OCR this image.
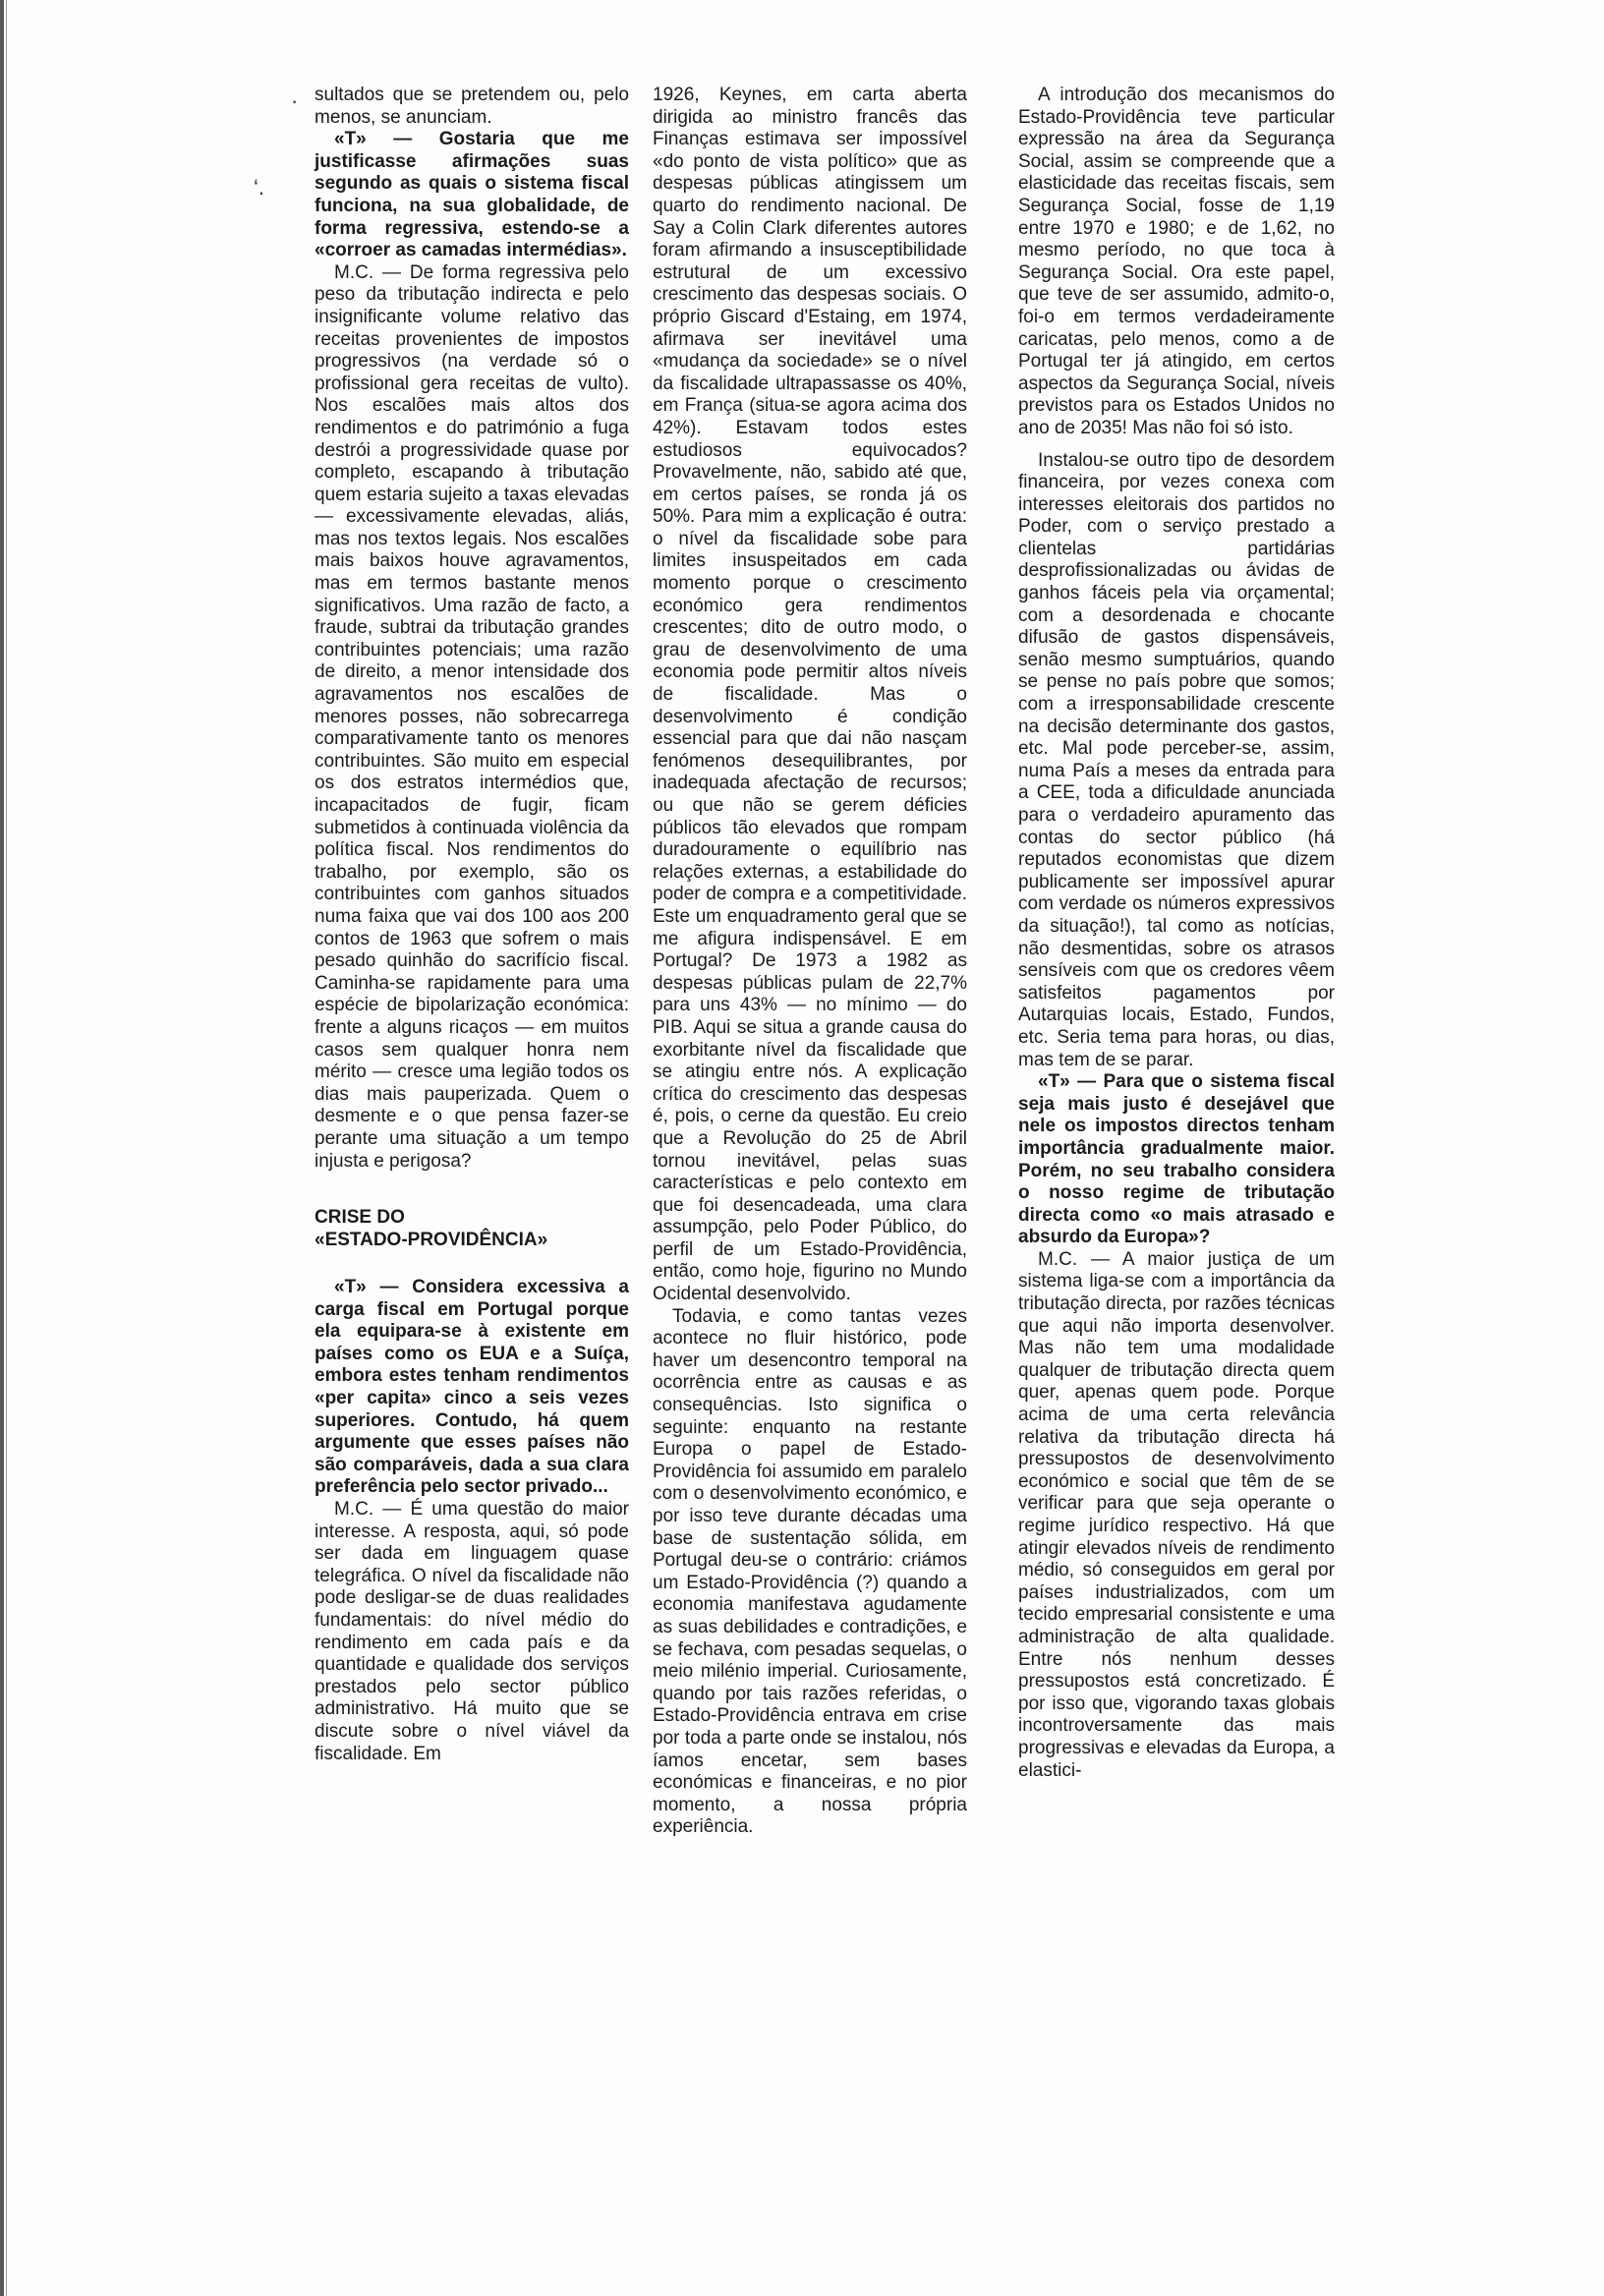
·
‘.

sultados que se pretendem ou, pelo menos, se anunciam.

«T» — Gostaria que me justificasse afirmações suas segundo as quais o sistema fiscal funciona, na sua globalidade, de forma regressiva, estendo-se a «corroer as camadas intermédias».

M.C. — De forma regressiva pelo peso da tributação indirecta e pelo insignificante volume relativo das receitas provenientes de impostos progressivos (na verdade só o profissional gera receitas de vulto). Nos escalões mais altos dos rendimentos e do património a fuga destrói a progressividade quase por completo, escapando à tributação quem estaria sujeito a taxas elevadas — excessivamente elevadas, aliás, mas nos textos legais. Nos escalões mais baixos houve agravamentos, mas em termos bastante menos significativos. Uma razão de facto, a fraude, subtrai da tributação grandes contribuintes potenciais; uma razão de direito, a menor intensidade dos agravamentos nos escalões de menores posses, não sobrecarrega comparativamente tanto os menores contribuintes. São muito em especial os dos estratos intermédios que, incapacitados de fugir, ficam submetidos à continuada violência da política fiscal. Nos rendimentos do trabalho, por exemplo, são os contribuintes com ganhos situados numa faixa que vai dos 100 aos 200 contos de 1963 que sofrem o mais pesado quinhão do sacrifício fiscal. Caminha-se rapidamente para uma espécie de bipolarização económica: frente a alguns ricaços — em muitos casos sem qualquer honra nem mérito — cresce uma legião todos os dias mais pauperizada. Quem o desmente e o que pensa fazer-se perante uma situação a um tempo injusta e perigosa?

CRISE DO
«ESTADO-PROVIDÊNCIA»

«T» — Considera excessiva a carga fiscal em Portugal porque ela equipara-se à existente em países como os EUA e a Suíça, embora estes tenham rendimentos «per capita» cinco a seis vezes superiores. Contudo, há quem argumente que esses países não são comparáveis, dada a sua clara preferência pelo sector privado...

M.C. — É uma questão do maior interesse. A resposta, aqui, só pode ser dada em linguagem quase telegráfica. O nível da fiscalidade não pode desligar-se de duas realidades fundamentais: do nível médio do rendimento em cada país e da quantidade e qualidade dos serviços prestados pelo sector público administrativo. Há muito que se discute sobre o nível viável da fiscalidade. Em

1926, Keynes, em carta aberta dirigida ao ministro francês das Finanças estimava ser impossível «do ponto de vista político» que as despesas públicas atingissem um quarto do rendimento nacional. De Say a Colin Clark diferentes autores foram afirmando a insusceptibilidade estrutural de um excessivo crescimento das despesas sociais. O próprio Giscard d'Estaing, em 1974, afirmava ser inevitável uma «mudança da sociedade» se o nível da fiscalidade ultrapassasse os 40%, em França (situa-se agora acima dos 42%). Estavam todos estes estudiosos equivocados? Provavelmente, não, sabido até que, em certos países, se ronda já os 50%. Para mim a explicação é outra: o nível da fiscalidade sobe para limites insuspeitados em cada momento porque o crescimento económico gera rendimentos crescentes; dito de outro modo, o grau de desenvolvimento de uma economia pode permitir altos níveis de fiscalidade. Mas o desenvolvimento é condição essencial para que dai não nasçam fenómenos desequilibrantes, por inadequada afectação de recursos; ou que não se gerem déficies públicos tão elevados que rompam duradouramente o equilíbrio nas relações externas, a estabilidade do poder de compra e a competitividade. Este um enquadramento geral que se me afigura indispensável. E em Portugal? De 1973 a 1982 as despesas públicas pulam de 22,7% para uns 43% — no mínimo — do PIB. Aqui se situa a grande causa do exorbitante nível da fiscalidade que se atingiu entre nós. A explicação crítica do crescimento das despesas é, pois, o cerne da questão. Eu creio que a Revolução do 25 de Abril tornou inevitável, pelas suas características e pelo contexto em que foi desencadeada, uma clara assumpção, pelo Poder Público, do perfil de um Estado-Providência, então, como hoje, figurino no Mundo Ocidental desenvolvido.

Todavia, e como tantas vezes acontece no fluir histórico, pode haver um desencontro temporal na ocorrência entre as causas e as consequências. Isto significa o seguinte: enquanto na restante Europa o papel de Estado-Providência foi assumido em paralelo com o desenvolvimento económico, e por isso teve durante décadas uma base de sustentação sólida, em Portugal deu-se o contrário: criámos um Estado-Providência (?) quando a economia manifestava agudamente as suas debilidades e contradições, e se fechava, com pesadas sequelas, o meio milénio imperial. Curiosamente, quando por tais razões referidas, o Estado-Providência entrava em crise por toda a parte onde se instalou, nós íamos encetar, sem bases económicas e financeiras, e no pior momento, a nossa própria experiência.

A introdução dos mecanismos do Estado-Providência teve particular expressão na área da Segurança Social, assim se compreende que a elasticidade das receitas fiscais, sem Segurança Social, fosse de 1,19 entre 1970 e 1980; e de 1,62, no mesmo período, no que toca à Segurança Social. Ora este papel, que teve de ser assumido, admito-o, foi-o em termos verdadeiramente caricatas, pelo menos, como a de Portugal ter já atingido, em certos aspectos da Segurança Social, níveis previstos para os Estados Unidos no ano de 2035! Mas não foi só isto.

Instalou-se outro tipo de desordem financeira, por vezes conexa com interesses eleitorais dos partidos no Poder, com o serviço prestado a clientelas partidárias desprofissionalizadas ou ávidas de ganhos fáceis pela via orçamental; com a desordenada e chocante difusão de gastos dispensáveis, senão mesmo sumptuários, quando se pense no país pobre que somos; com a irresponsabilidade crescente na decisão determinante dos gastos, etc. Mal pode perceber-se, assim, numa País a meses da entrada para a CEE, toda a dificuldade anunciada para o verdadeiro apuramento das contas do sector público (há reputados economistas que dizem publicamente ser impossível apurar com verdade os números expressivos da situação!), tal como as notícias, não desmentidas, sobre os atrasos sensíveis com que os credores vêem satisfeitos pagamentos por Autarquias locais, Estado, Fundos, etc. Seria tema para horas, ou dias, mas tem de se parar.

«T» — Para que o sistema fiscal seja mais justo é desejável que nele os impostos directos tenham importância gradualmente maior. Porém, no seu trabalho considera o nosso regime de tributação directa como «o mais atrasado e absurdo da Europa»?

M.C. — A maior justiça de um sistema liga-se com a importância da tributação directa, por razões técnicas que aqui não importa desenvolver. Mas não tem uma modalidade qualquer de tributação directa quem quer, apenas quem pode. Porque acima de uma certa relevância relativa da tributação directa há pressupostos de desenvolvimento económico e social que têm de se verificar para que seja operante o regime jurídico respectivo. Há que atingir elevados níveis de rendimento médio, só conseguidos em geral por países industrializados, com um tecido empresarial consistente e uma administração de alta qualidade. Entre nós nenhum desses pressupostos está concretizado. É por isso que, vigorando taxas globais incontroversamente das mais progressivas e elevadas da Europa, a elastici-
